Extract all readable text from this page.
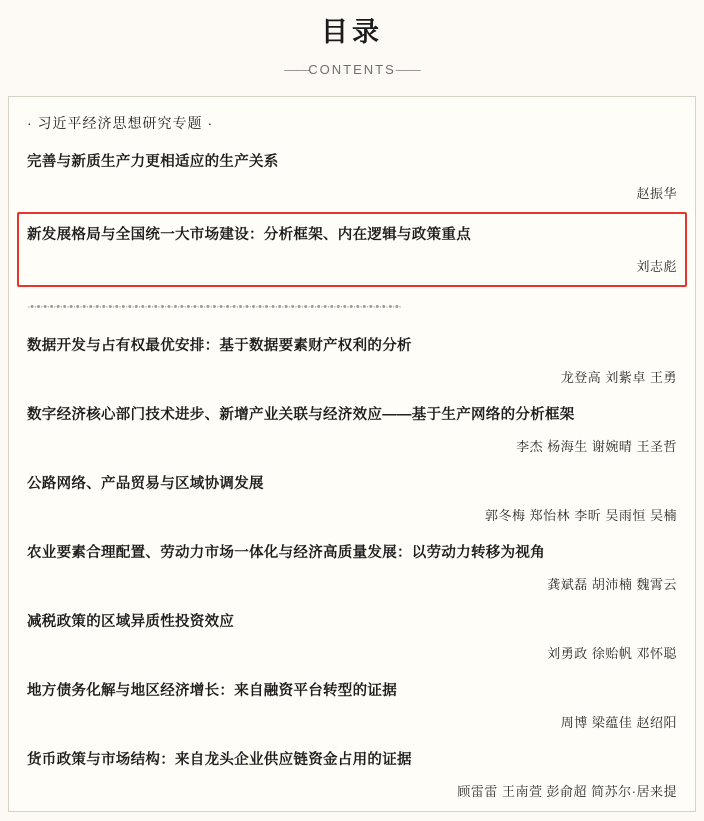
目录
——CONTENTS——
· 习近平经济思想研究专题 ·
完善与新质生产力更相适应的生产关系
赵振华
新发展格局与全国统一大市场建设：分析框架、内在逻辑与政策重点
刘志彪
·•·•·•·•·•·•·•·•·•·•·•·•·•·•·•·•·•·•·•·•·•·•·•·•·•·•·•·•·•·•·•·•·•·•·•·•·•·•·•·•·•·•·•·•·•·•·•·•·•·•·•·•·•·•·•·•·•·
数据开发与占有权最优安排：基于数据要素财产权利的分析
龙登高 刘紫卓 王勇
数字经济核心部门技术进步、新增产业关联与经济效应——基于生产网络的分析框架
李杰 杨海生 谢婉晴 王圣哲
公路网络、产品贸易与区域协调发展
郭冬梅 郑怡林 李昕 吴雨恒 吴楠
农业要素合理配置、劳动力市场一体化与经济高质量发展：以劳动力转移为视角
龚斌磊 胡沛楠 魏霄云
减税政策的区域异质性投资效应
刘勇政 徐贻帆 邓怀聪
地方债务化解与地区经济增长：来自融资平台转型的证据
周博 梁蕴佳 赵绍阳
货币政策与市场结构：来自龙头企业供应链资金占用的证据
顾雷雷 王南萱 彭俞超 简苏尔·居来提
